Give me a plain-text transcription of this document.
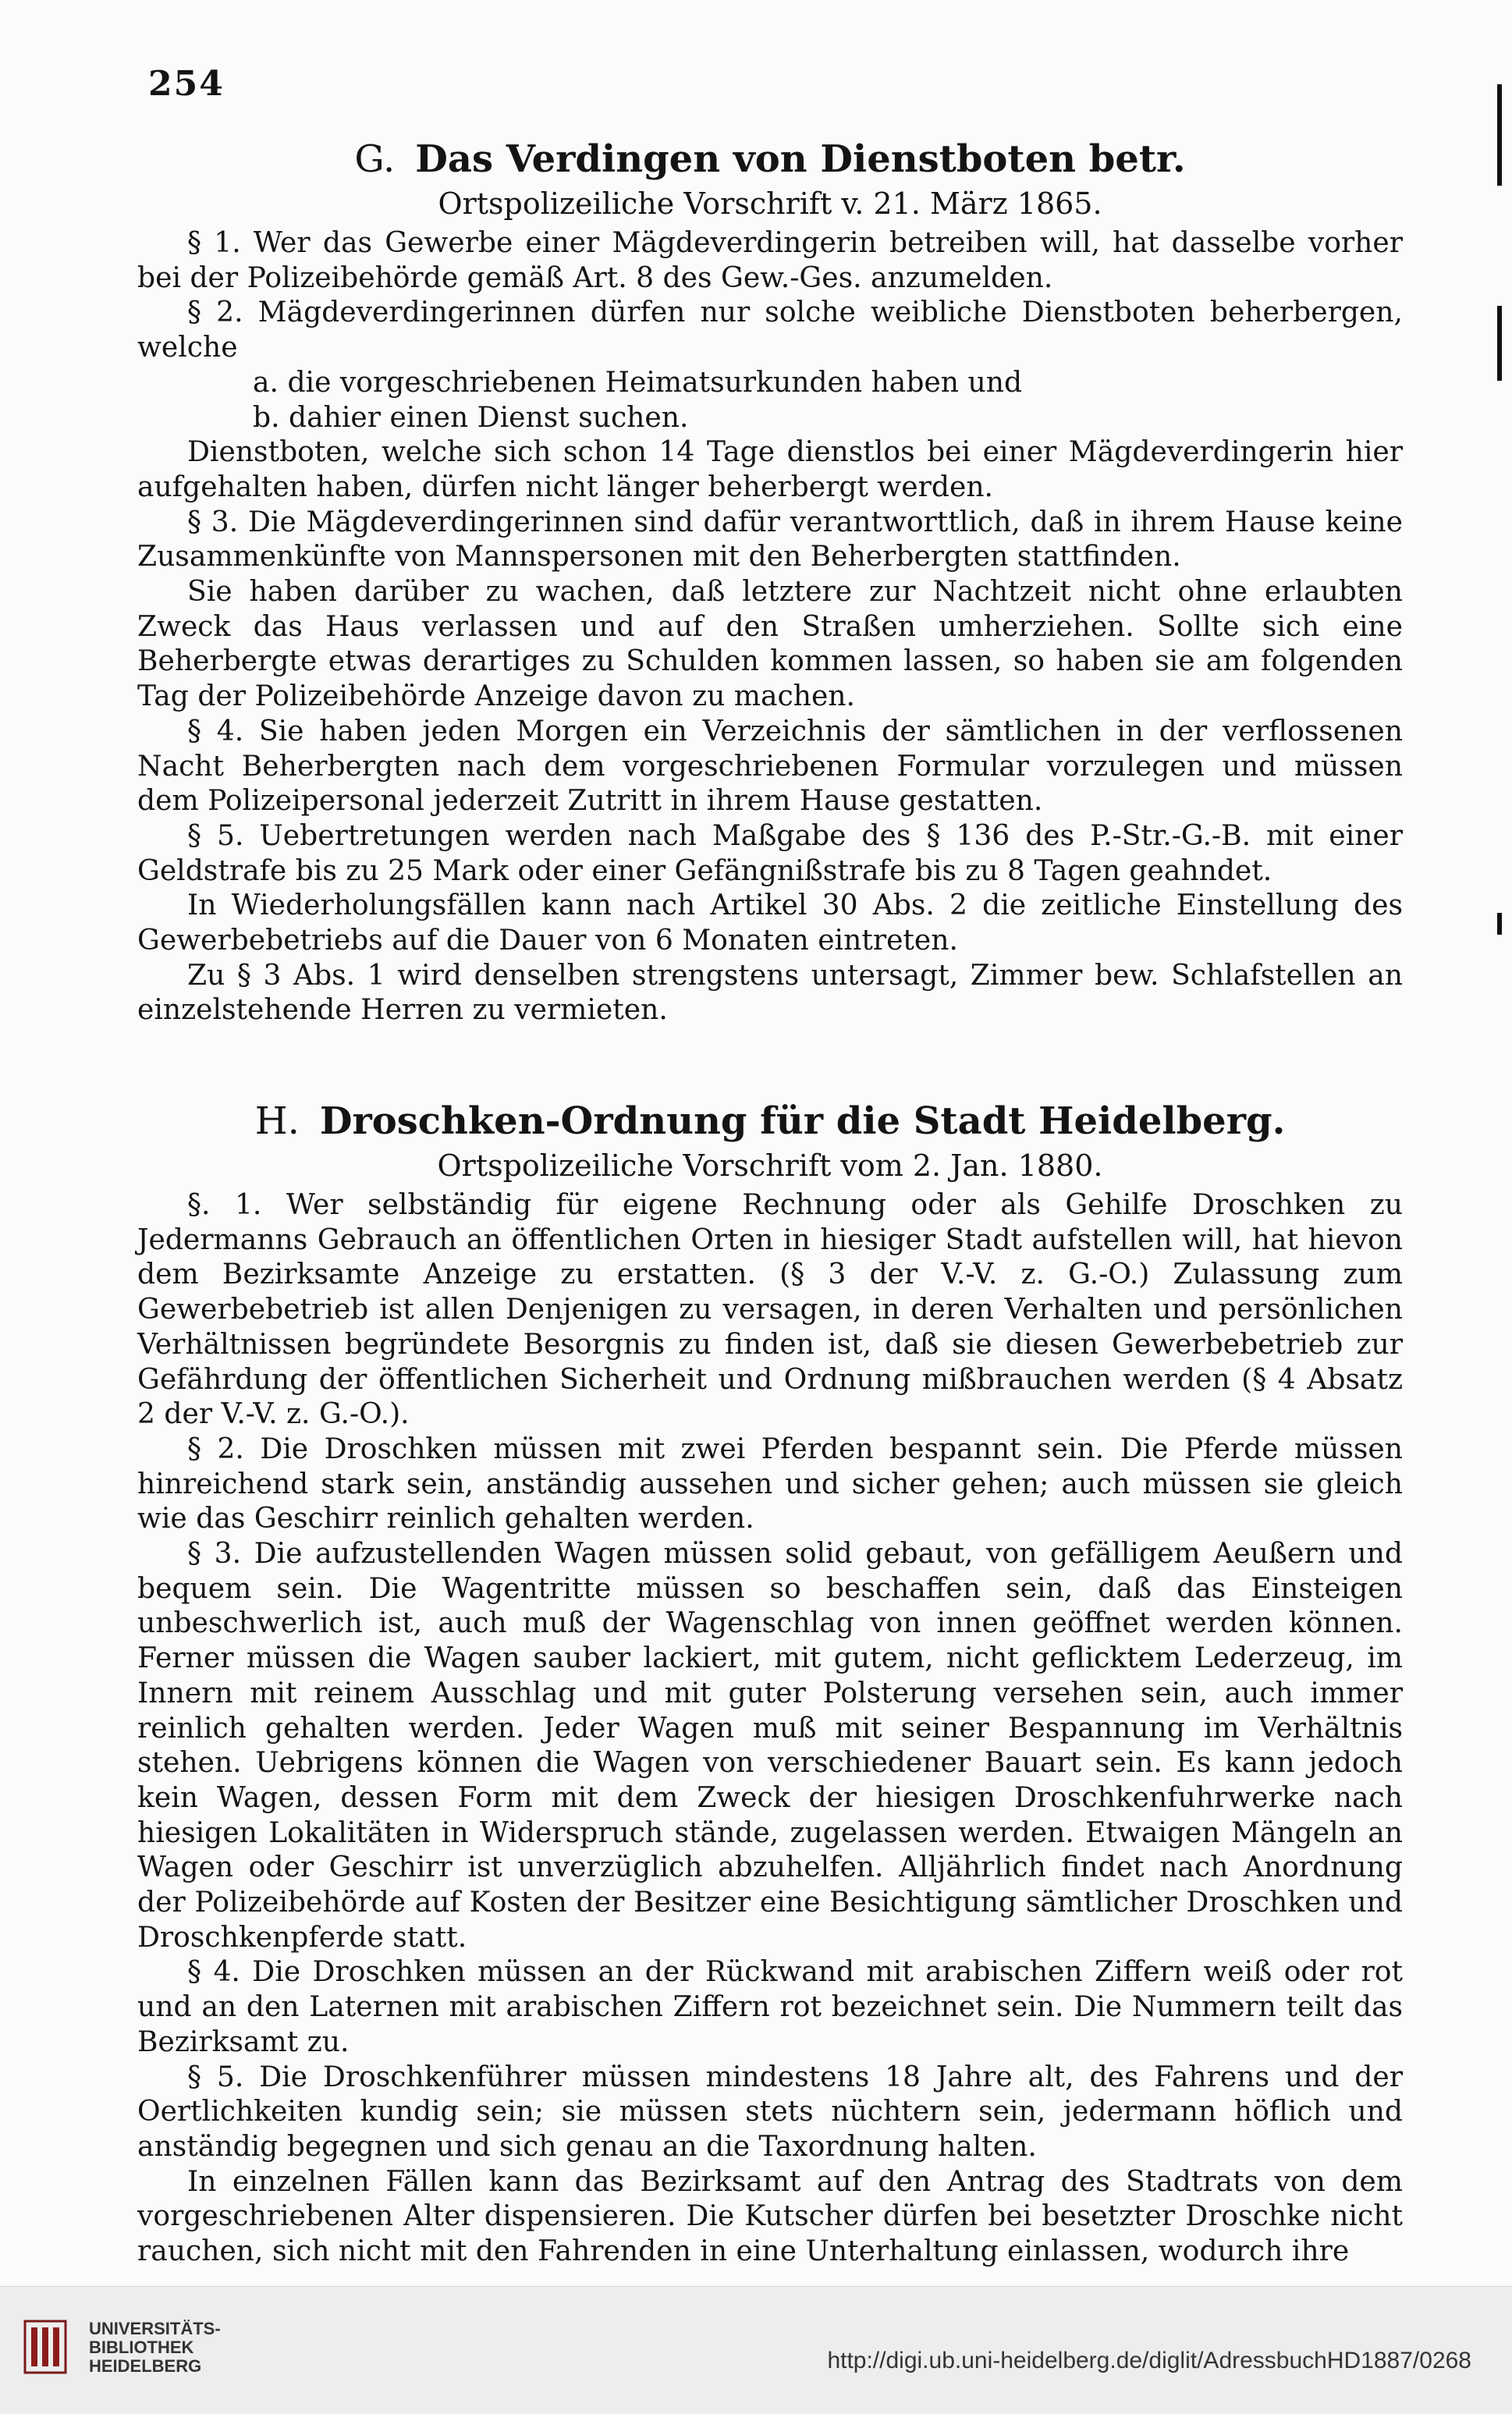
254
G. Das Verdingen von Dienstboten betr.
Ortspolizeiliche Vorschrift v. 21. März 1865.

§ 1. Wer das Gewerbe einer Mägdeverdingerin betreiben will, hat dasselbe vorher bei der Polizeibehörde gemäß Art. 8 des Gew.-Ges. anzumelden.

§ 2. Mägdeverdingerinnen dürfen nur solche weibliche Dienstboten beherbergen, welche

a. die vorgeschriebenen Heimatsurkunden haben und

b. dahier einen Dienst suchen.

Dienstboten, welche sich schon 14 Tage dienstlos bei einer Mägdeverdingerin hier aufgehalten haben, dürfen nicht länger beherbergt werden.

§ 3. Die Mägdeverdingerinnen sind dafür verantworttlich, daß in ihrem Hause keine Zusammenkünfte von Mannspersonen mit den Beherbergten stattfinden.

Sie haben darüber zu wachen, daß letztere zur Nachtzeit nicht ohne erlaubten Zweck das Haus verlassen und auf den Straßen umherziehen. Sollte sich eine Beherbergte etwas derartiges zu Schulden kommen lassen, so haben sie am folgenden Tag der Polizeibehörde Anzeige davon zu machen.

§ 4. Sie haben jeden Morgen ein Verzeichnis der sämtlichen in der verflossenen Nacht Beherbergten nach dem vorgeschriebenen Formular vorzulegen und müssen dem Polizeipersonal jederzeit Zutritt in ihrem Hause gestatten.

§ 5. Uebertretungen werden nach Maßgabe des § 136 des P.-Str.-G.-B. mit einer Geldstrafe bis zu 25 Mark oder einer Gefängnißstrafe bis zu 8 Tagen geahndet.

In Wiederholungsfällen kann nach Artikel 30 Abs. 2 die zeitliche Einstellung des Gewerbebetriebs auf die Dauer von 6 Monaten eintreten.

Zu § 3 Abs. 1 wird denselben strengstens untersagt, Zimmer bew. Schlafstellen an einzelstehende Herren zu vermieten.

H. Droschken-Ordnung für die Stadt Heidelberg.
Ortspolizeiliche Vorschrift vom 2. Jan. 1880.

§. 1. Wer selbständig für eigene Rechnung oder als Gehilfe Droschken zu Jedermanns Gebrauch an öffentlichen Orten in hiesiger Stadt aufstellen will, hat hievon dem Bezirksamte Anzeige zu erstatten. (§ 3 der V.-V. z. G.-O.) Zulassung zum Gewerbebetrieb ist allen Denjenigen zu versagen, in deren Verhalten und persönlichen Verhältnissen begründete Besorgnis zu finden ist, daß sie diesen Gewerbebetrieb zur Gefährdung der öffentlichen Sicherheit und Ordnung mißbrauchen werden (§ 4 Absatz 2 der V.-V. z. G.-O.).

§ 2. Die Droschken müssen mit zwei Pferden bespannt sein. Die Pferde müssen hinreichend stark sein, anständig aussehen und sicher gehen; auch müssen sie gleich wie das Geschirr reinlich gehalten werden.

§ 3. Die aufzustellenden Wagen müssen solid gebaut, von gefälligem Aeußern und bequem sein. Die Wagentritte müssen so beschaffen sein, daß das Einsteigen unbeschwerlich ist, auch muß der Wagenschlag von innen geöffnet werden können. Ferner müssen die Wagen sauber lackiert, mit gutem, nicht geflicktem Lederzeug, im Innern mit reinem Ausschlag und mit guter Polsterung versehen sein, auch immer reinlich gehalten werden. Jeder Wagen muß mit seiner Bespannung im Verhältnis stehen. Uebrigens können die Wagen von verschiedener Bauart sein. Es kann jedoch kein Wagen, dessen Form mit dem Zweck der hiesigen Droschkenfuhrwerke nach hiesigen Lokalitäten in Widerspruch stände, zugelassen werden. Etwaigen Mängeln an Wagen oder Geschirr ist unverzüglich abzuhelfen. Alljährlich findet nach Anordnung der Polizeibehörde auf Kosten der Besitzer eine Besichtigung sämtlicher Droschken und Droschkenpferde statt.

§ 4. Die Droschken müssen an der Rückwand mit arabischen Ziffern weiß oder rot und an den Laternen mit arabischen Ziffern rot bezeichnet sein. Die Nummern teilt das Bezirksamt zu.

§ 5. Die Droschkenführer müssen mindestens 18 Jahre alt, des Fahrens und der Oertlichkeiten kundig sein; sie müssen stets nüchtern sein, jedermann höflich und anständig begegnen und sich genau an die Taxordnung halten.

In einzelnen Fällen kann das Bezirksamt auf den Antrag des Stadtrats von dem vorgeschriebenen Alter dispensieren. Die Kutscher dürfen bei besetzter Droschke nicht rauchen, sich nicht mit den Fahrenden in eine Unterhaltung einlassen, wodurch ihre

UNIVERSITÄTS-
BIBLIOTHEK
HEIDELBERG	http://digi.ub.uni-heidelberg.de/diglit/AdressbuchHD1887/0268
